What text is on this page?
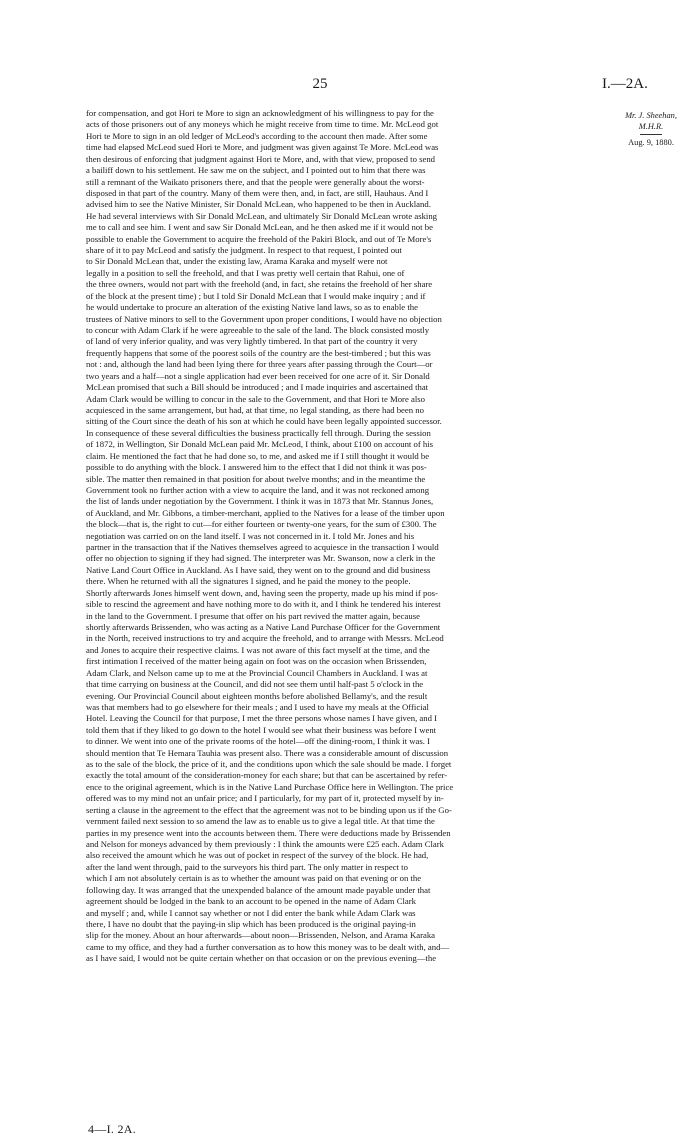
25	I.—2A.
Mr. J. Sheehan,
M.H.R.
Aug. 9, 1880.
for compensation, and got Hori te More to sign an acknowledgment of his willingness to pay for the
acts of those prisoners out of any moneys which he might receive from time to time. Mr. McLeod got
Hori te More to sign in an old ledger of McLeod's according to the account then made. After some
time had elapsed McLeod sued Hori te More, and judgment was given against Te More. McLeod was
then desirous of enforcing that judgment against Hori te More, and, with that view, proposed to send
a bailiff down to his settlement. He saw me on the subject, and I pointed out to him that there was
still a remnant of the Waikato prisoners there, and that the people were generally about the worst-
disposed in that part of the country. Many of them were then, and, in fact, are still, Hauhaus. And I
advised him to see the Native Minister, Sir Donald McLean, who happened to be then in Auckland.
He had several interviews with Sir Donald McLean, and ultimately Sir Donald McLean wrote asking
me to call and see him. I went and saw Sir Donald McLean, and he then asked me if it would not be
possible to enable the Government to acquire the freehold of the Pakiri Block, and out of Te More's
share of it to pay McLeod and satisfy the judgment. In respect to that request, I pointed out
to Sir Donald McLean that, under the existing law, Arama Karaka and myself were not
legally in a position to sell the freehold, and that I was pretty well certain that Rahui, one of
the three owners, would not part with the freehold (and, in fact, she retains the freehold of her share
of the block at the present time) ; but I told Sir Donald McLean that I would make inquiry ; and if
he would undertake to procure an alteration of the existing Native land laws, so as to enable the
trustees of Native minors to sell to the Government upon proper conditions, I would have no objection
to concur with Adam Clark if he were agreeable to the sale of the land. The block consisted mostly
of land of very inferior quality, and was very lightly timbered. In that part of the country it very
frequently happens that some of the poorest soils of the country are the best-timbered ; but this was
not : and, although the land had been lying there for three years after passing through the Court—or
two years and a half—not a single application had ever been received for one acre of it. Sir Donald
McLean promised that such a Bill should be introduced ; and I made inquiries and ascertained that
Adam Clark would be willing to concur in the sale to the Government, and that Hori te More also
acquiesced in the same arrangement, but had, at that time, no legal standing, as there had been no
sitting of the Court since the death of his son at which he could have been legally appointed successor.
In consequence of these several difficulties the business practically fell through. During the session
of 1872, in Wellington, Sir Donald McLean paid Mr. McLeod, I think, about £100 on account of his
claim. He mentioned the fact that he had done so, to me, and asked me if I still thought it would be
possible to do anything with the block. I answered him to the effect that I did not think it was pos-
sible. The matter then remained in that position for about twelve months; and in the meantime the
Government took no further action with a view to acquire the land, and it was not reckoned among
the list of lands under negotiation by the Government. I think it was in 1873 that Mr. Stannus Jones,
of Auckland, and Mr. Gibbons, a timber-merchant, applied to the Natives for a lease of the timber upon
the block—that is, the right to cut—for either fourteen or twenty-one years, for the sum of £300. The
negotiation was carried on on the land itself. I was not concerned in it. I told Mr. Jones and his
partner in the transaction that if the Natives themselves agreed to acquiesce in the transaction I would
offer no objection to signing if they had signed. The interpreter was Mr. Swanson, now a clerk in the
Native Land Court Office in Auckland. As I have said, they went on to the ground and did business
there. When he returned with all the signatures I signed, and he paid the money to the people.
Shortly afterwards Jones himself went down, and, having seen the property, made up his mind if pos-
sible to rescind the agreement and have nothing more to do with it, and I think he tendered his interest
in the land to the Government. I presume that offer on his part revived the matter again, because
shortly afterwards Brissenden, who was acting as a Native Land Purchase Officer for the Government
in the North, received instructions to try and acquire the freehold, and to arrange with Messrs. McLeod
and Jones to acquire their respective claims. I was not aware of this fact myself at the time, and the
first intimation I received of the matter being again on foot was on the occasion when Brissenden,
Adam Clark, and Nelson came up to me at the Provincial Council Chambers in Auckland. I was at
that time carrying on business at the Council, and did not see them until half-past 5 o'clock in the
evening. Our Provincial Council about eighteen months before abolished Bellamy's, and the result
was that members had to go elsewhere for their meals ; and I used to have my meals at the Official
Hotel. Leaving the Council for that purpose, I met the three persons whose names I have given, and I
told them that if they liked to go down to the hotel I would see what their business was before I went
to dinner. We went into one of the private rooms of the hotel—off the dining-room, I think it was. I
should mention that Te Hemara Tauhia was present also. There was a considerable amount of discussion
as to the sale of the block, the price of it, and the conditions upon which the sale should be made. I forget
exactly the total amount of the consideration-money for each share; but that can be ascertained by refer-
ence to the original agreement, which is in the Native Land Purchase Office here in Wellington. The price
offered was to my mind not an unfair price; and I particularly, for my part of it, protected myself by in-
serting a clause in the agreement to the effect that the agreement was not to be binding upon us if the Go-
vernment failed next session to so amend the law as to enable us to give a legal title. At that time the
parties in my presence went into the accounts between them. There were deductions made by Brissenden
and Nelson for moneys advanced by them previously : I think the amounts were £25 each. Adam Clark
also received the amount which he was out of pocket in respect of the survey of the block. He had,
after the land went through, paid to the surveyors his third part. The only matter in respect to
which I am not absolutely certain is as to whether the amount was paid on that evening or on the
following day. It was arranged that the unexpended balance of the amount made payable under that
agreement should be lodged in the bank to an account to be opened in the name of Adam Clark
and myself ; and, while I cannot say whether or not I did enter the bank while Adam Clark was
there, I have no doubt that the paying-in slip which has been produced is the original paying-in
slip for the money. About an hour afterwards—about noon—Brissenden, Nelson, and Arama Karaka
came to my office, and they had a further conversation as to how this money was to be dealt with, and—
as I have said, I would not be quite certain whether on that occasion or on the previous evening—the
4—I. 2A.
